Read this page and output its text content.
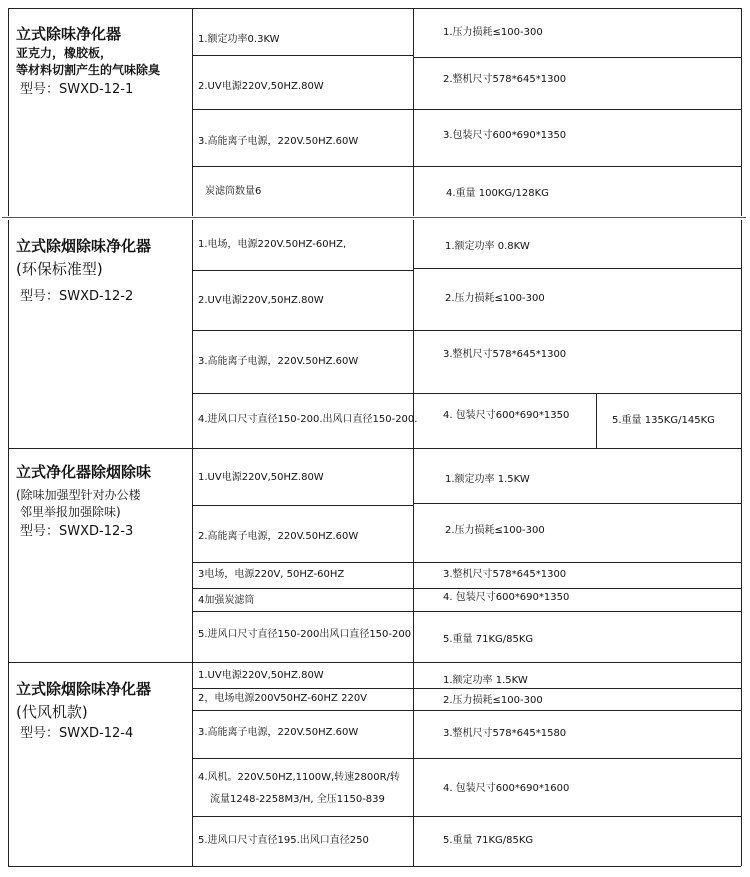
立式除味净化器
亚克力，橡胶板，
等材料切割产生的气味除臭
型号：SWXD-12-1
1.额定功率0.3KW
2.UV电源220V,50HZ.80W
3.高能离子电源，220V.50HZ.60W
炭滤筒数量6
1.压力损耗≤100-300
2.整机尺寸578*645*1300
3.包装尺寸600*690*1350
4.重量 100KG/128KG
立式除烟除味净化器
(环保标准型)
型号：SWXD-12-2
1.电场，电源220V.50HZ-60HZ,
2.UV电源220V,50HZ.80W
3.高能离子电源，220V.50HZ.60W
4.进风口尺寸直径150-200.出风口直径150-200.
1.额定功率 0.8KW
2.压力损耗≤100-300
3.整机尺寸578*645*1300
4. 包装尺寸600*690*1350	5.重量 135KG/145KG
立式净化器除烟除味
(除味加强型针对办公楼
邻里举报加强除味)
型号：SWXD-12-3
1.UV电源220V,50HZ.80W
2.高能离子电源，220V.50HZ.60W
3电场，电源220V, 50HZ-60HZ
4加强炭滤筒
5.进风口尺寸直径150-200出风口直径150-200
1.额定功率 1.5KW
2.压力损耗≤100-300
3.整机尺寸578*645*1300
4. 包装尺寸600*690*1350
5.重量 71KG/85KG
立式除烟除味净化器
(代风机款)
型号：SWXD-12-4
1.UV电源220V,50HZ.80W
2，电场电源200V50HZ-60HZ 220V
3.高能离子电源，220V.50HZ.60W
4.风机。220V.50HZ,1100W,转速2800R/转
流量1248-2258M3/H, 全压1150-839
5.进风口尺寸直径195.出风口直径250
1.额定功率 1.5KW
2.压力损耗≤100-300
3.整机尺寸578*645*1580
4. 包装尺寸600*690*1600
5.重量 71KG/85KG
